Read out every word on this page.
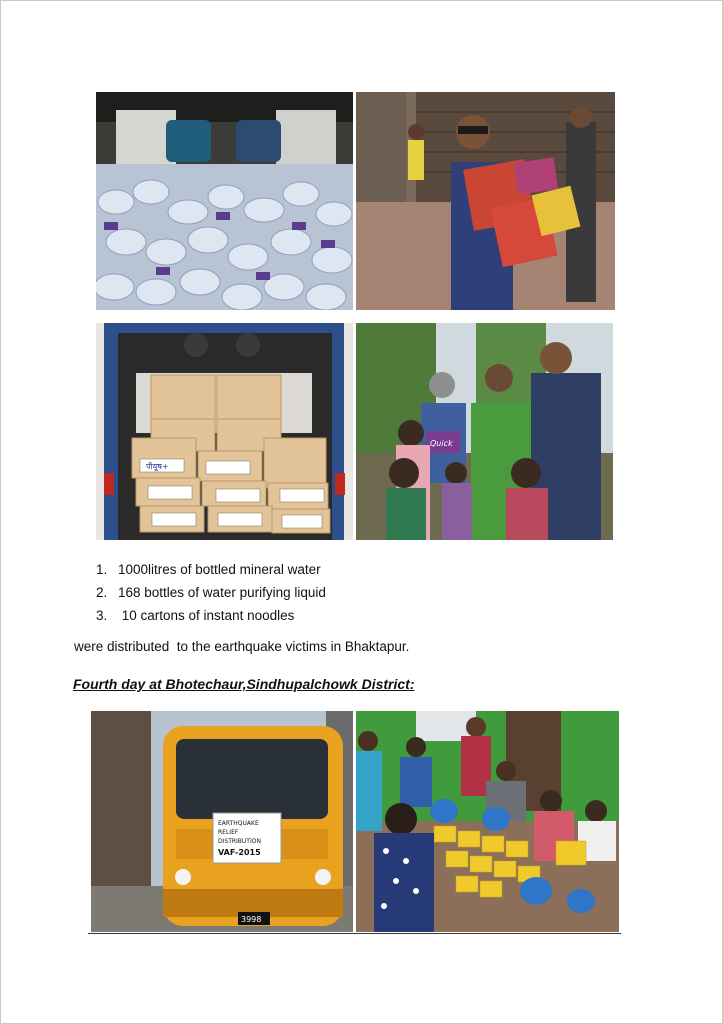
पीयूष+
Quick
1. 1000litres of bottled mineral water
2. 168 bottles of water purifying liquid
3. 10 cartons of instant noodles
were distributed  to the earthquake victims in Bhaktapur.
Fourth day at Bhotechaur,Sindhupalchowk District:
EARTHQUAKE
RELIEF
DISTRIBUTION
VAF-2015
3998
